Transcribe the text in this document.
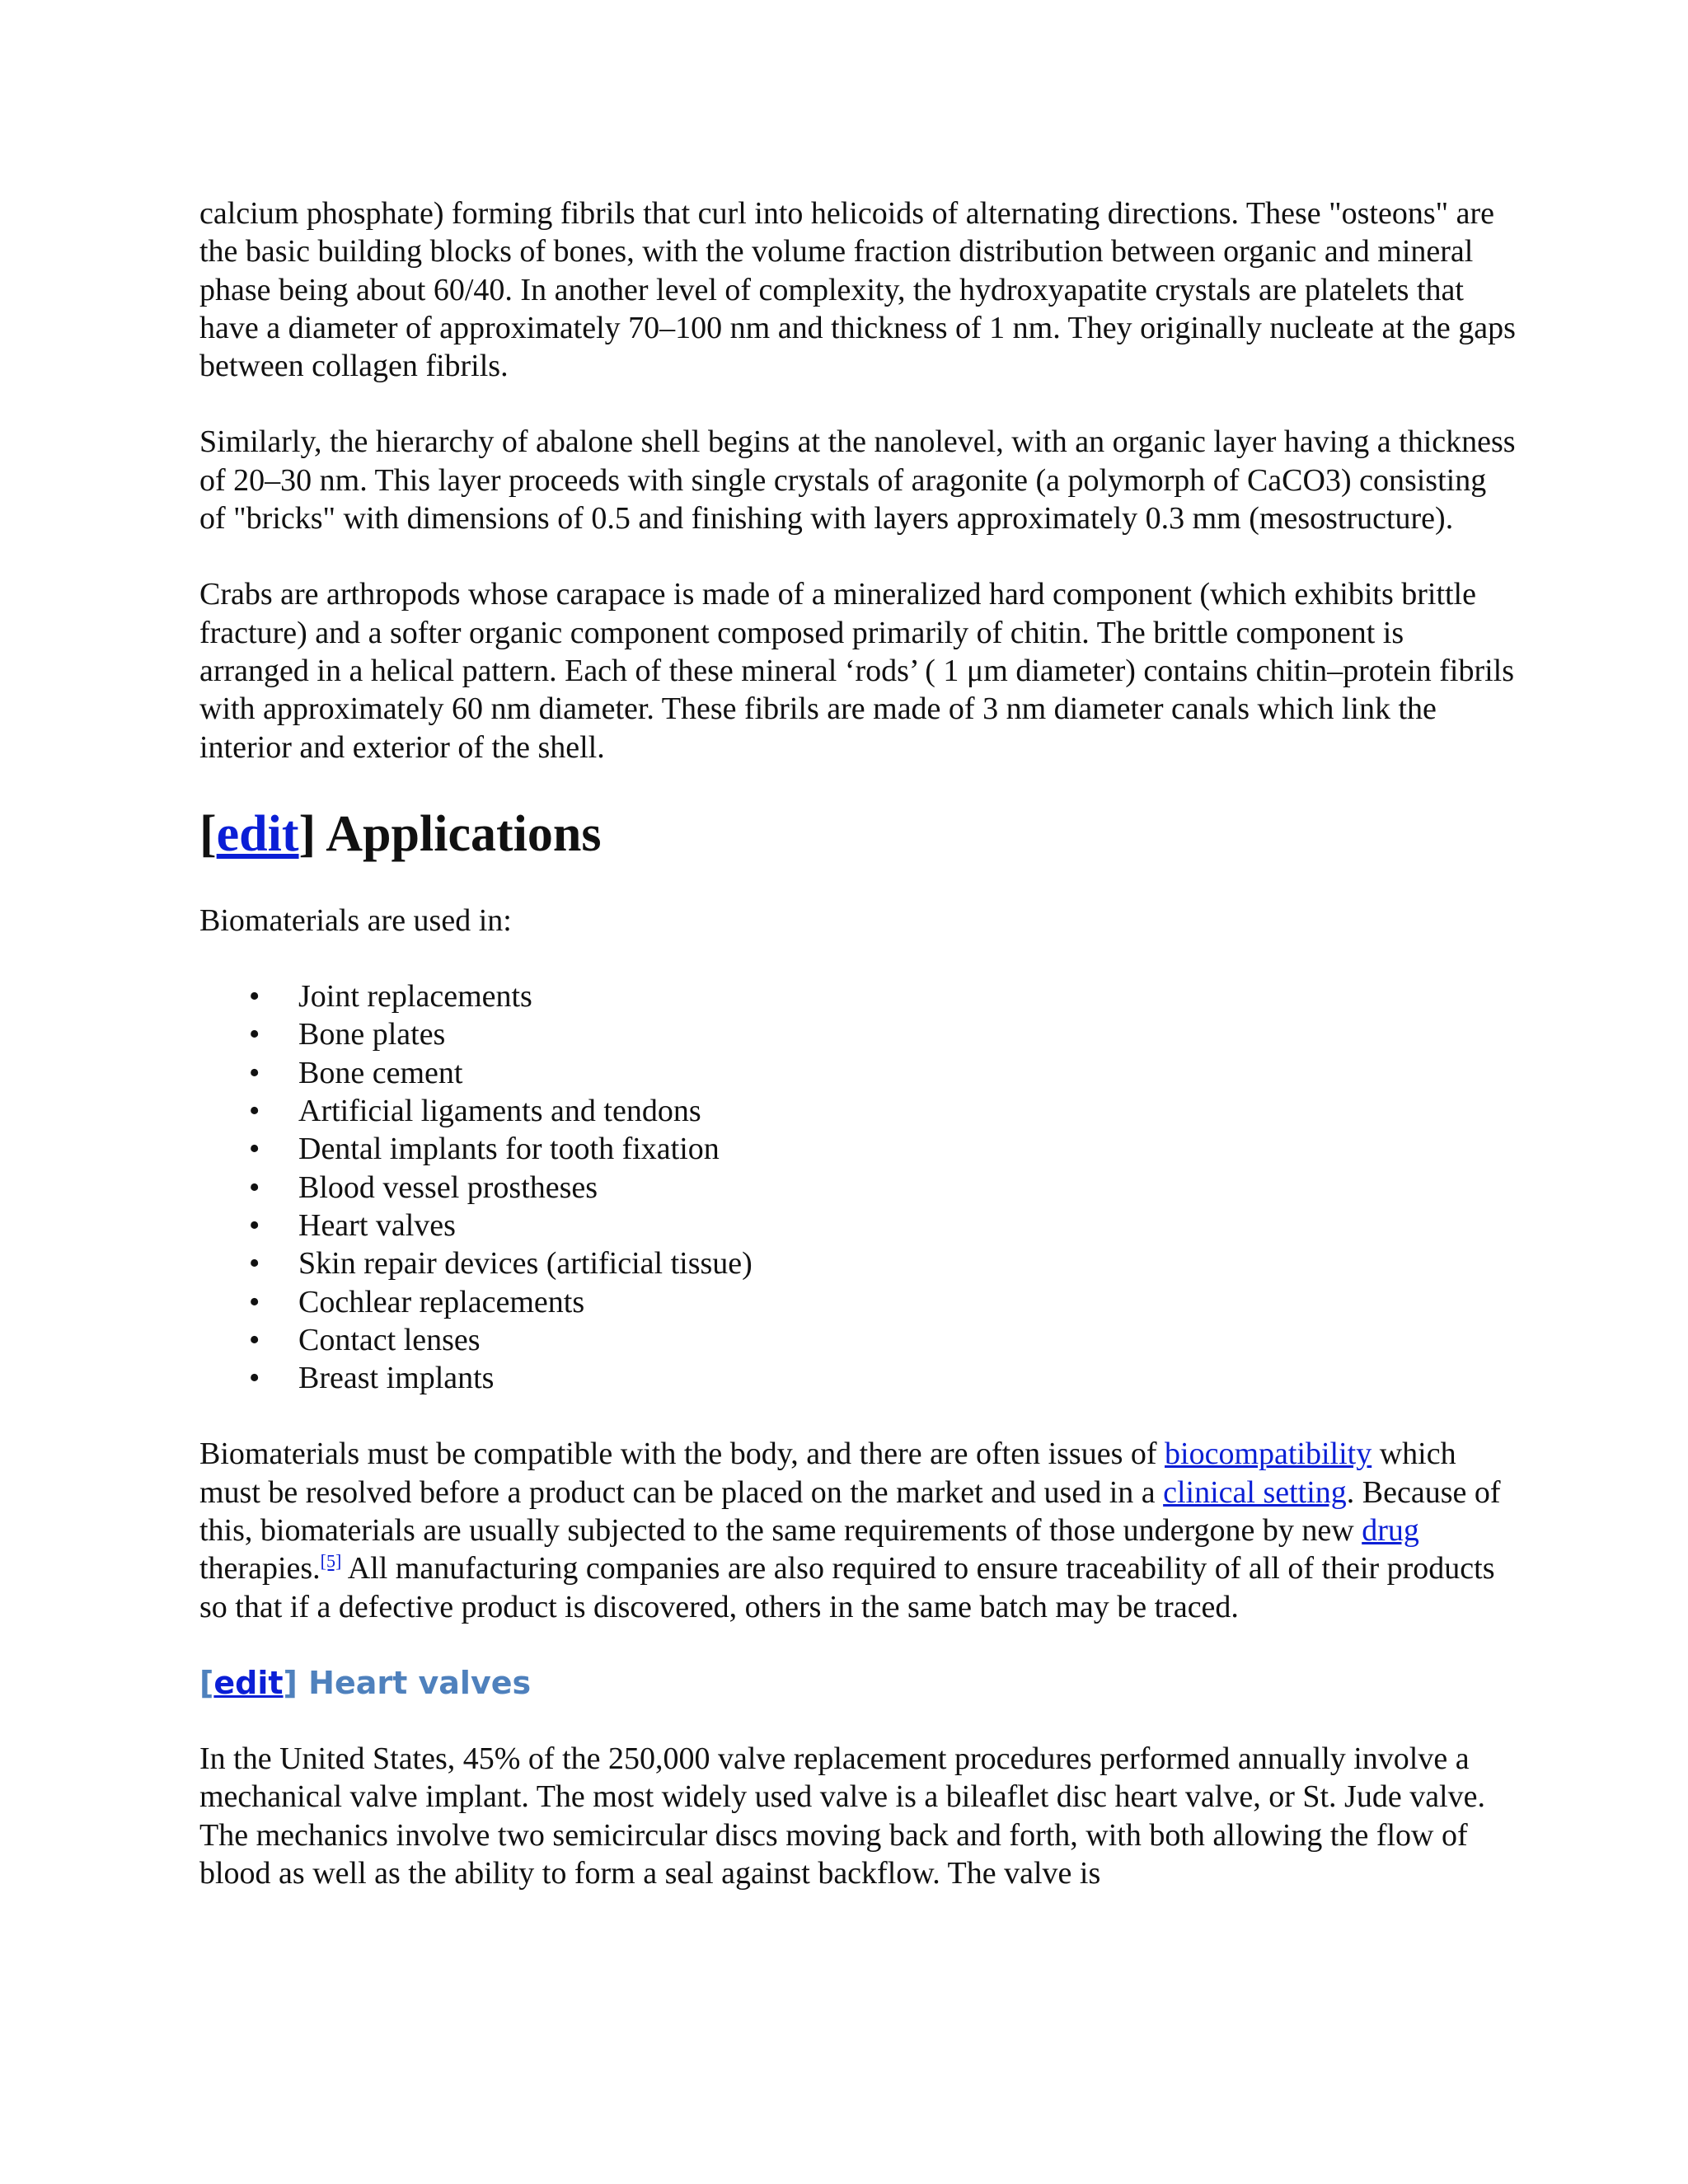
calcium phosphate) forming fibrils that curl into helicoids of alternating directions. These "osteons" are the basic building blocks of bones, with the volume fraction distribution between organic and mineral phase being about 60/40. In another level of complexity, the hydroxyapatite crystals are platelets that have a diameter of approximately 70–100 nm and thickness of 1 nm. They originally nucleate at the gaps between collagen fibrils.

Similarly, the hierarchy of abalone shell begins at the nanolevel, with an organic layer having a thickness of 20–30 nm. This layer proceeds with single crystals of aragonite (a polymorph of CaCO3) consisting of "bricks" with dimensions of 0.5 and finishing with layers approximately 0.3 mm (mesostructure).

Crabs are arthropods whose carapace is made of a mineralized hard component (which exhibits brittle fracture) and a softer organic component composed primarily of chitin. The brittle component is arranged in a helical pattern. Each of these mineral ‘rods’ ( 1 μm diameter) contains chitin–protein fibrils with approximately 60 nm diameter. These fibrils are made of 3 nm diameter canals which link the interior and exterior of the shell.

[edit] Applications

Biomaterials are used in:

• Joint replacements
• Bone plates
• Bone cement
• Artificial ligaments and tendons
• Dental implants for tooth fixation
• Blood vessel prostheses
• Heart valves
• Skin repair devices (artificial tissue)
• Cochlear replacements
• Contact lenses
• Breast implants

Biomaterials must be compatible with the body, and there are often issues of biocompatibility which must be resolved before a product can be placed on the market and used in a clinical setting. Because of this, biomaterials are usually subjected to the same requirements of those undergone by new drug therapies.[5] All manufacturing companies are also required to ensure traceability of all of their products so that if a defective product is discovered, others in the same batch may be traced.

[edit] Heart valves

In the United States, 45% of the 250,000 valve replacement procedures performed annually involve a mechanical valve implant. The most widely used valve is a bileaflet disc heart valve, or St. Jude valve. The mechanics involve two semicircular discs moving back and forth, with both allowing the flow of blood as well as the ability to form a seal against backflow. The valve is
